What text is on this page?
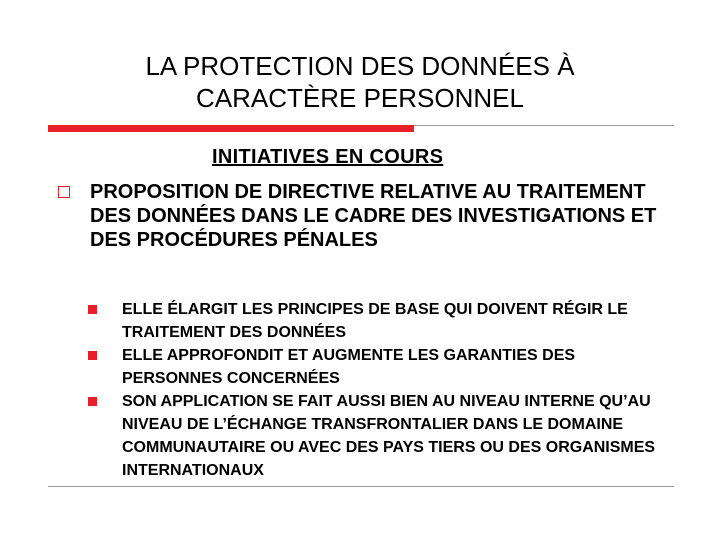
LA PROTECTION DES DONNÉES À
CARACTÈRE PERSONNEL
INITIATIVES EN COURS
PROPOSITION DE DIRECTIVE RELATIVE AU TRAITEMENT DES DONNÉES DANS LE CADRE DES INVESTIGATIONS ET DES PROCÉDURES PÉNALES
ELLE ÉLARGIT LES PRINCIPES DE BASE QUI DOIVENT RÉGIR LE TRAITEMENT DES DONNÉES
ELLE APPROFONDIT ET AUGMENTE LES GARANTIES DES PERSONNES CONCERNÉES
SON APPLICATION SE FAIT AUSSI BIEN AU NIVEAU INTERNE QU’AU NIVEAU DE L’ÉCHANGE TRANSFRONTALIER DANS LE DOMAINE COMMUNAUTAIRE OU AVEC DES PAYS TIERS OU DES ORGANISMES INTERNATIONAUX
